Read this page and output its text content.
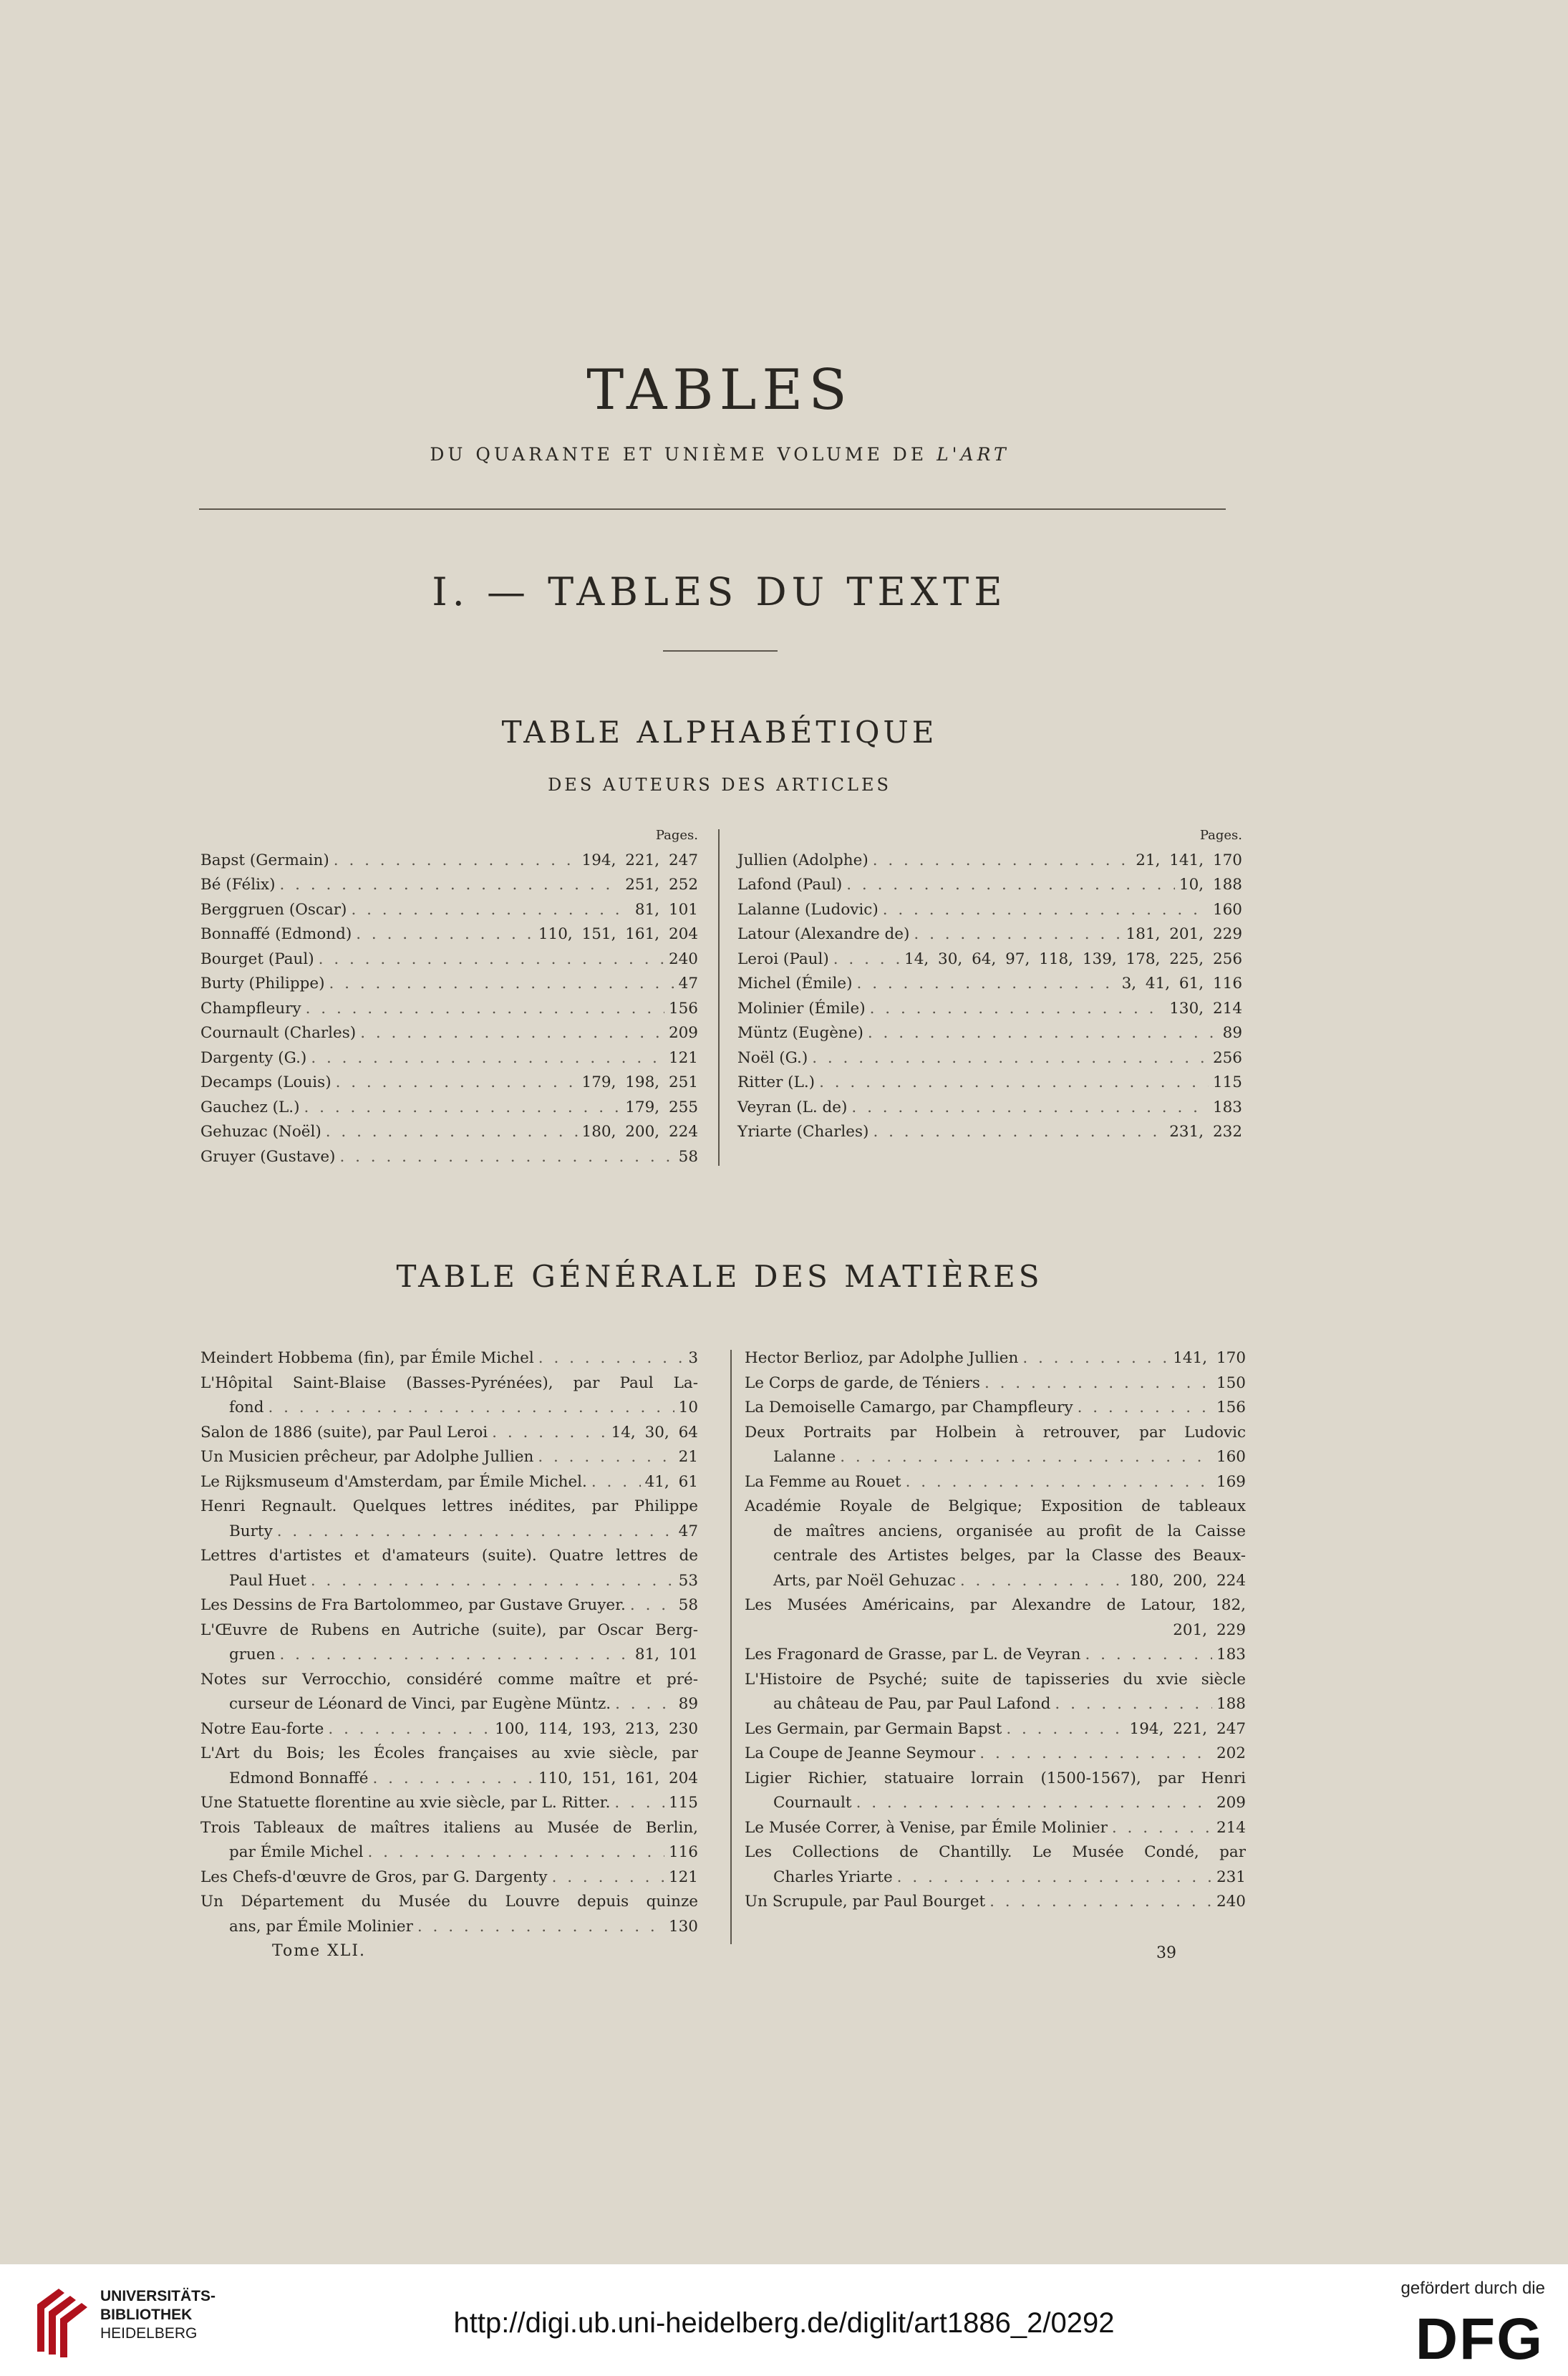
TABLES
DU QUARANTE ET UNIÈME VOLUME DE L'ART
I. — TABLES DU TEXTE
TABLE ALPHABÉTIQUE
DES AUTEURS DES ARTICLES
Pages.
Bapst (Germain) . . .	194, 221, 247
Bé (Félix) . . .	251, 252
Berggruen (Oscar) . . .	81, 101
Bonnaffé (Edmond) . . .	110, 151, 161, 204
Bourget (Paul) . . .	240
Burty (Philippe) . . .	47
Champfleury . . .	156
Cournault (Charles) . . .	209
Dargenty (G.) . . .	121
Decamps (Louis) . . .	179, 198, 251
Gauchez (L.) . . .	179, 255
Gehuzac (Noël) . . .	180, 200, 224
Gruyer (Gustave) . . .	58
Pages.
Jullien (Adolphe) . . .	21, 141, 170
Lafond (Paul) . . .	10, 188
Lalanne (Ludovic) . . .	160
Latour (Alexandre de) . . .	181, 201, 229
Leroi (Paul) . . .	14, 30, 64, 97, 118, 139, 178, 225, 256
Michel (Émile) . . .	3, 41, 61, 116
Molinier (Émile) . . .	130, 214
Müntz (Eugène) . . .	89
Noël (G.) . . .	256
Ritter (L.) . . .	115
Veyran (L. de) . . .	183
Yriarte (Charles) . . .	231, 232
TABLE GÉNÉRALE DES MATIÈRES
Meindert Hobbema (fin), par Émile Michel . . .	3
L'Hôpital Saint-Blaise (Basses-Pyrénées), par Paul La-
fond . . .	10
Salon de 1886 (suite), par Paul Leroi . . .	14, 30, 64
Un Musicien prêcheur, par Adolphe Jullien . . .	21
Le Rijksmuseum d'Amsterdam, par Émile Michel. . . .	41, 61
Henri Regnault. Quelques lettres inédites, par Philippe
Burty . . .	47
Lettres d'artistes et d'amateurs (suite). Quatre lettres de
Paul Huet . . .	53
Les Dessins de Fra Bartolommeo, par Gustave Gruyer. . . .	58
L'Œuvre de Rubens en Autriche (suite), par Oscar Berg-
gruen . . .	81, 101
Notes sur Verrocchio, considéré comme maître et pré-
curseur de Léonard de Vinci, par Eugène Müntz. . . .	89
Notre Eau-forte . . .	100, 114, 193, 213, 230
L'Art du Bois; les Écoles françaises au xvie siècle, par
Edmond Bonnaffé . . .	110, 151, 161, 204
Une Statuette florentine au xvie siècle, par L. Ritter. . . .	115
Trois Tableaux de maîtres italiens au Musée de Berlin,
par Émile Michel . . .	116
Les Chefs-d'œuvre de Gros, par G. Dargenty . . .	121
Un Département du Musée du Louvre depuis quinze
ans, par Émile Molinier . . .	130
Hector Berlioz, par Adolphe Jullien . . .	141, 170
Le Corps de garde, de Téniers . . .	150
La Demoiselle Camargo, par Champfleury . . .	156
Deux Portraits par Holbein à retrouver, par Ludovic
Lalanne . . .	160
La Femme au Rouet . . .	169
Académie Royale de Belgique; Exposition de tableaux
de maîtres anciens, organisée au profit de la Caisse
centrale des Artistes belges, par la Classe des Beaux-
Arts, par Noël Gehuzac . . .	180, 200, 224
Les Musées Américains, par Alexandre de Latour, 182,
201, 229
Les Fragonard de Grasse, par L. de Veyran . . .	183
L'Histoire de Psyché; suite de tapisseries du xvie siècle
au château de Pau, par Paul Lafond . . .	188
Les Germain, par Germain Bapst . . .	194, 221, 247
La Coupe de Jeanne Seymour . . .	202
Ligier Richier, statuaire lorrain (1500-1567), par Henri
Cournault . . .	209
Le Musée Correr, à Venise, par Émile Molinier . . .	214
Les Collections de Chantilly. Le Musée Condé, par
Charles Yriarte . . .	231
Un Scrupule, par Paul Bourget . . .	240
Tome XLI.	39
UNIVERSITÄTS-
BIBLIOTHEK
HEIDELBERG	http://digi.ub.uni-heidelberg.de/diglit/art1886_2/0292
gefördert durch die
DFG
